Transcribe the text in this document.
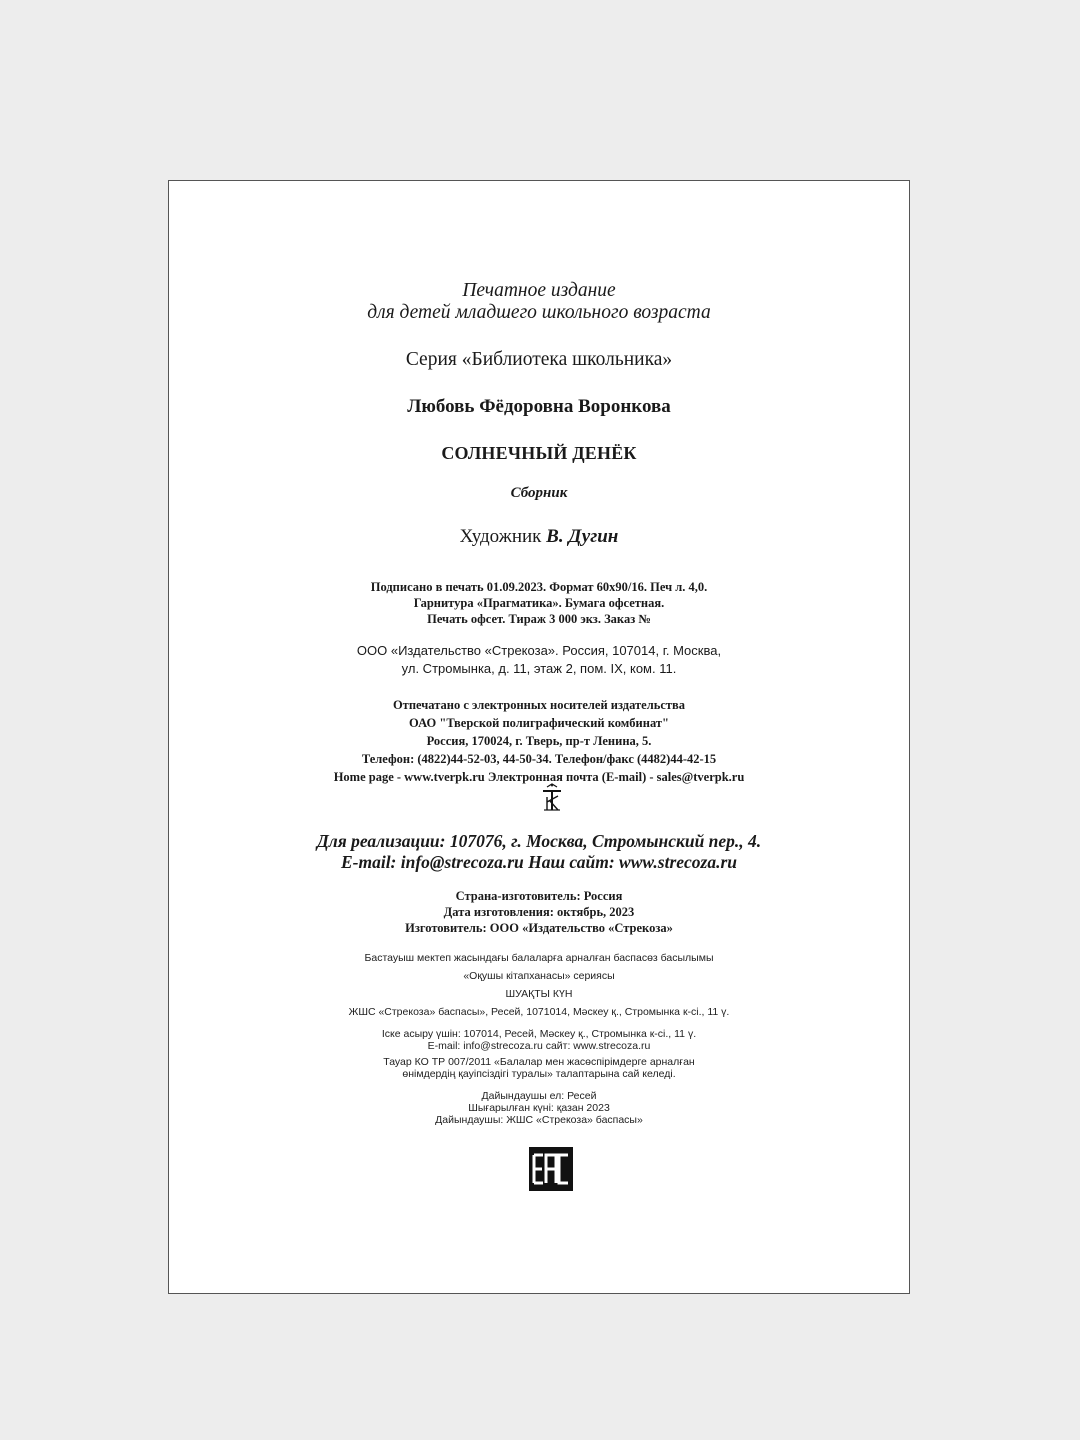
Печатное издание
для детей младшего школьного возраста
Серия «Библиотека школьника»
Любовь Фёдоровна Воронкова
СОЛНЕЧНЫЙ ДЕНЁК
Сборник
Художник В. Дугин
Подписано в печать 01.09.2023. Формат 60х90/16. Печ л. 4,0.
Гарнитура «Прагматика». Бумага офсетная.
Печать офсет. Тираж 3 000 экз. Заказ №
ООО «Издательство «Стрекоза». Россия, 107014, г. Москва,
ул. Стромынка, д. 11, этаж 2, пом. IX, ком. 11.
Отпечатано с электронных носителей издательства
ОАО "Тверской полиграфический комбинат"
Россия, 170024, г. Тверь, пр-т Ленина, 5.
Телефон: (4822)44-52-03, 44-50-34. Телефон/факс (4482)44-42-15
Home page - www.tverpk.ru Электронная почта (E-mail) - sales@tverpk.ru
Для реализации: 107076, г. Москва, Стромынский пер., 4.
E-mail: info@strecoza.ru Наш сайт: www.strecoza.ru
Страна-изготовитель: Россия
Дата изготовления: октябрь, 2023
Изготовитель: ООО «Издательство «Стрекоза»
Бастауыш мектеп жасындағы балаларға арналған баспасөз басылымы
«Оқушы кітапханасы» сериясы
ШУАҚТЫ КҮН
ЖШС «Стрекоза» баспасы», Ресей, 1071014, Мәскеу қ., Стромынка к-сі., 11 ү.
Іске асыру үшін: 107014, Ресей, Мәскеу қ., Стромынка к-сі., 11 ү.
E-mail: info@strecoza.ru сайт: www.strecoza.ru
Тауар КО ТР 007/2011 «Балалар мен жасөспірімдерге арналған
өнімдердің қауіпсіздігі туралы» талаптарына сай келеді.
Дайындаушы ел: Ресей
Шығарылған күні: қазан 2023
Дайындаушы: ЖШС «Стрекоза» баспасы»
